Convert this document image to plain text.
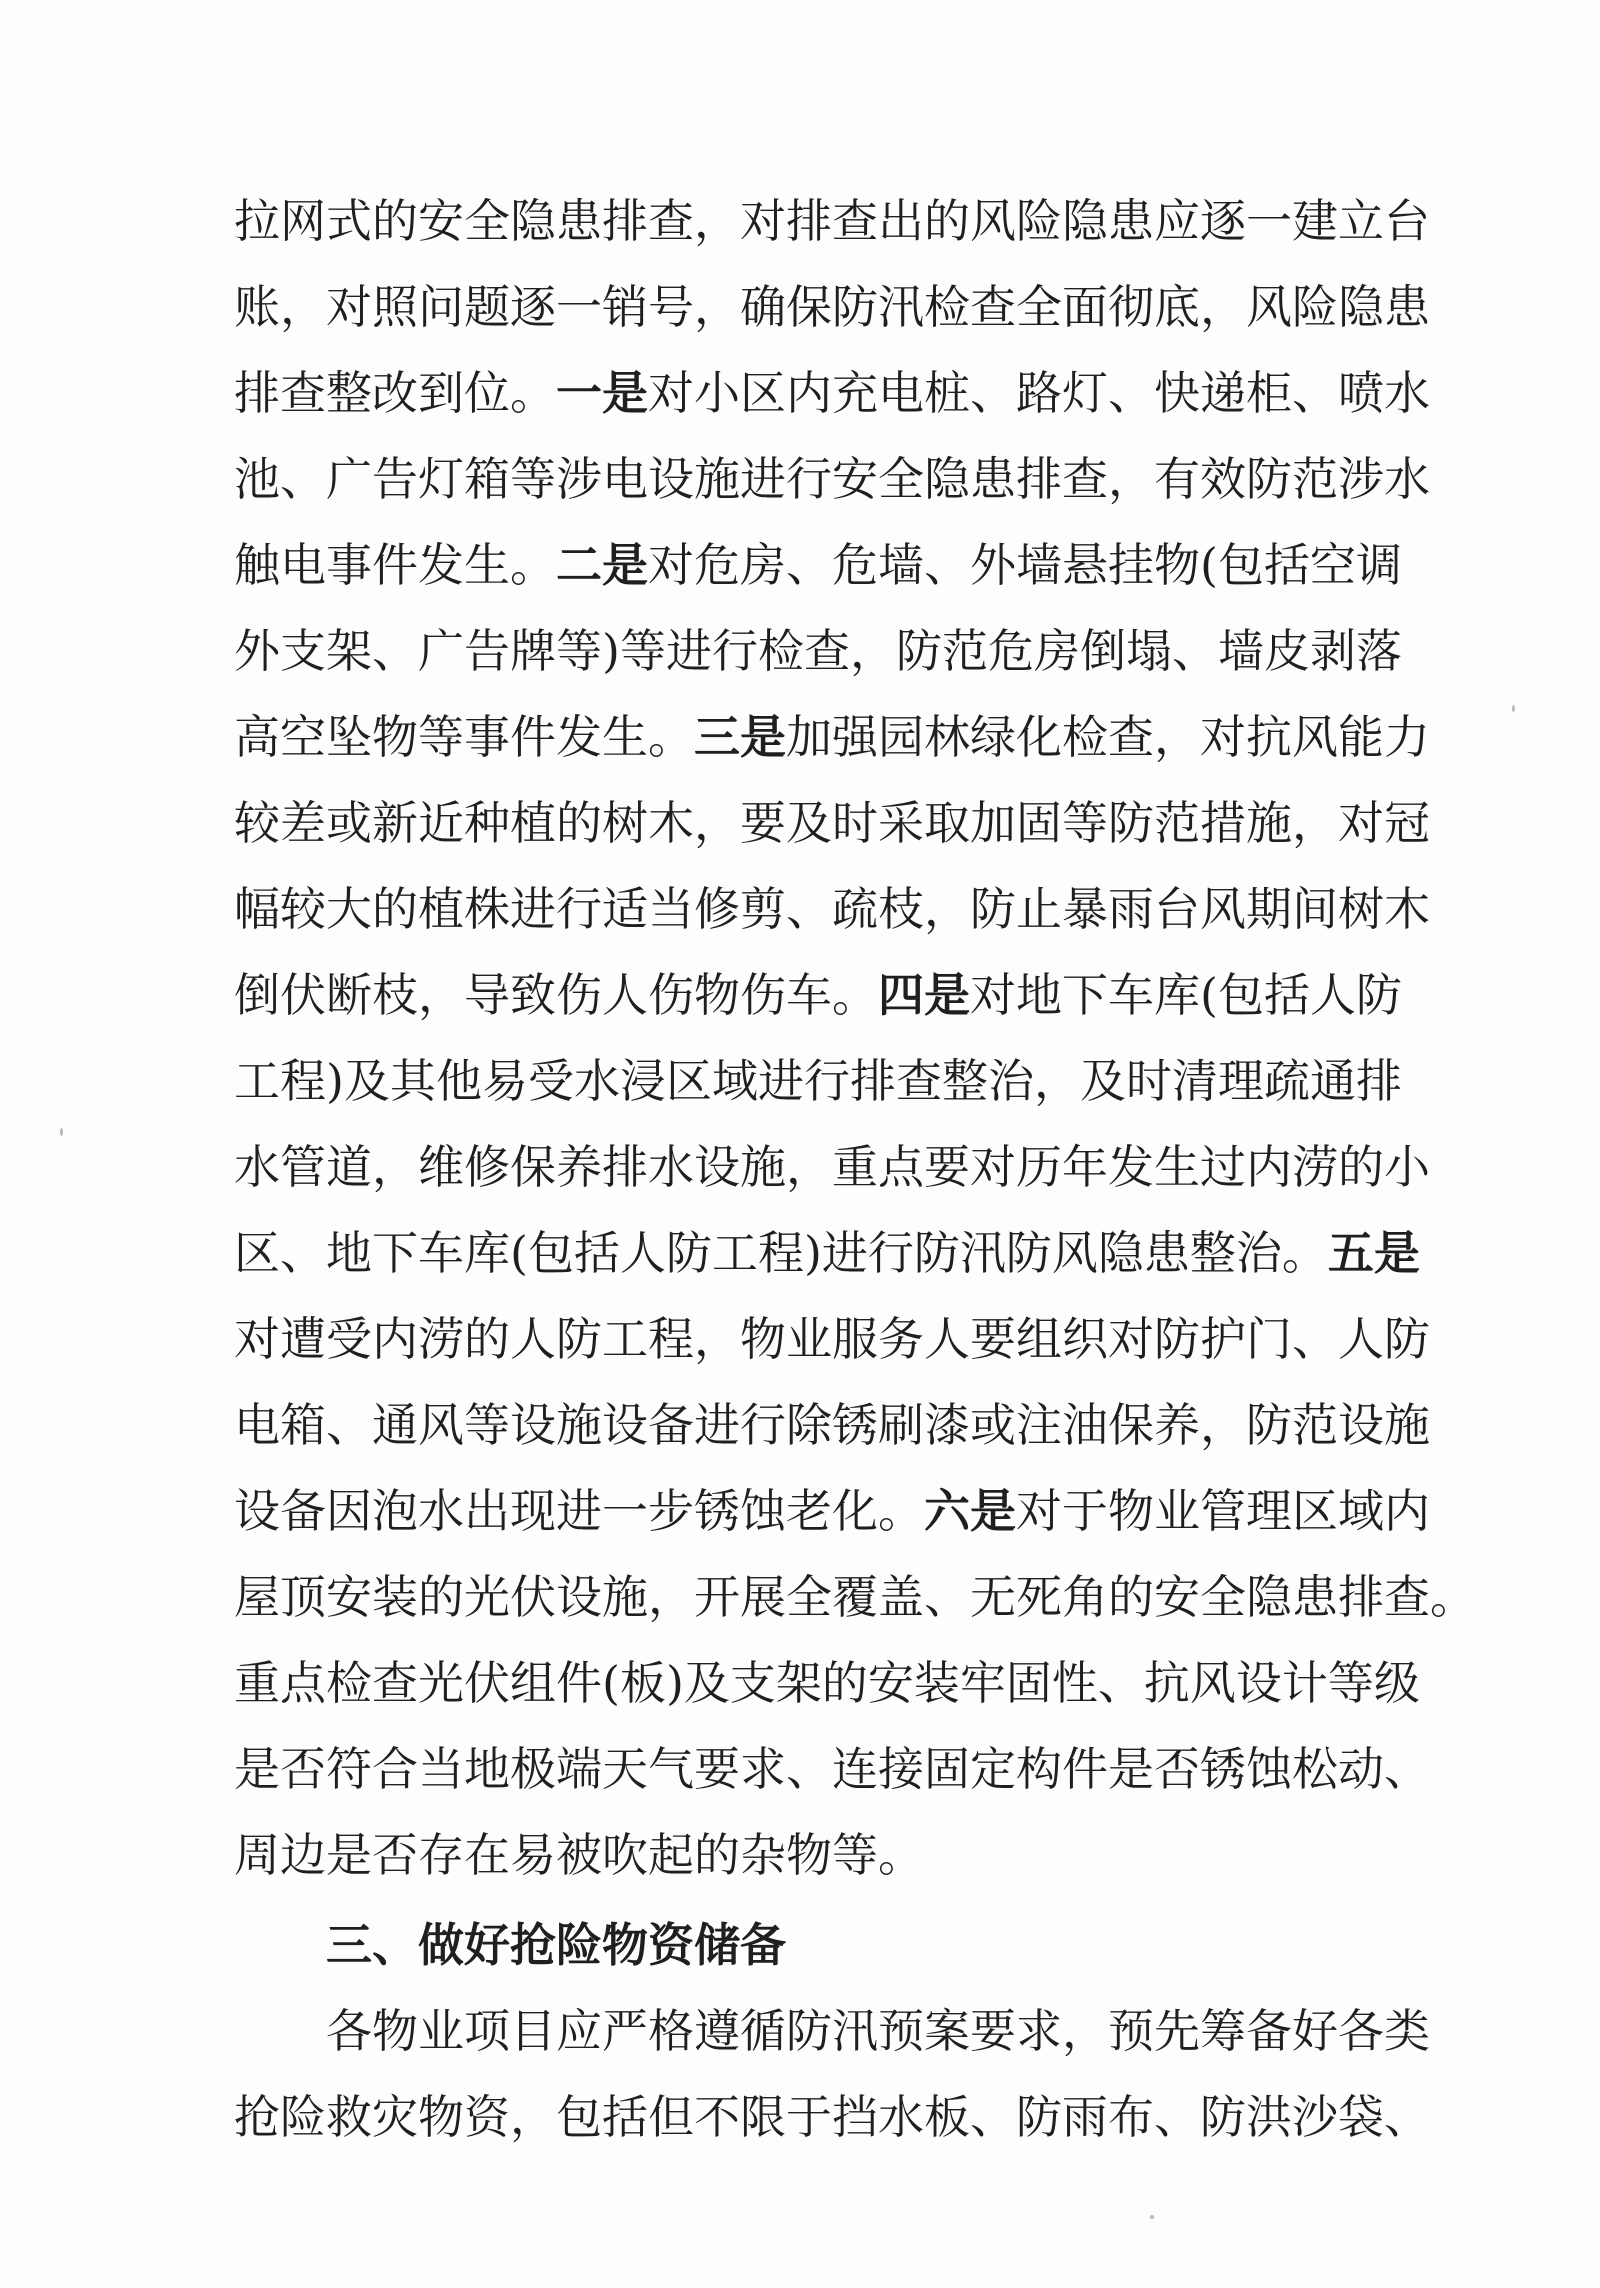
拉网式的安全隐患排查，对排查出的风险隐患应逐一建立台
账，对照问题逐一销号，确保防汛检查全面彻底，风险隐患
排查整改到位。一是对小区内充电桩、路灯、快递柜、喷水
池、广告灯箱等涉电设施进行安全隐患排查，有效防范涉水
触电事件发生。二是对危房、危墙、外墙悬挂物(包括空调
外支架、广告牌等)等进行检查，防范危房倒塌、墙皮剥落
高空坠物等事件发生。三是加强园林绿化检查，对抗风能力
较差或新近种植的树木，要及时采取加固等防范措施，对冠
幅较大的植株进行适当修剪、疏枝，防止暴雨台风期间树木
倒伏断枝，导致伤人伤物伤车。四是对地下车库(包括人防
工程)及其他易受水浸区域进行排查整治，及时清理疏通排
水管道，维修保养排水设施，重点要对历年发生过内涝的小
区、地下车库(包括人防工程)进行防汛防风隐患整治。五是
对遭受内涝的人防工程，物业服务人要组织对防护门、人防
电箱、通风等设施设备进行除锈刷漆或注油保养，防范设施
设备因泡水出现进一步锈蚀老化。六是对于物业管理区域内
屋顶安装的光伏设施，开展全覆盖、无死角的安全隐患排查。
重点检查光伏组件(板)及支架的安装牢固性、抗风设计等级
是否符合当地极端天气要求、连接固定构件是否锈蚀松动、
周边是否存在易被吹起的杂物等。
三、做好抢险物资储备
各物业项目应严格遵循防汛预案要求，预先筹备好各类
抢险救灾物资，包括但不限于挡水板、防雨布、防洪沙袋、
